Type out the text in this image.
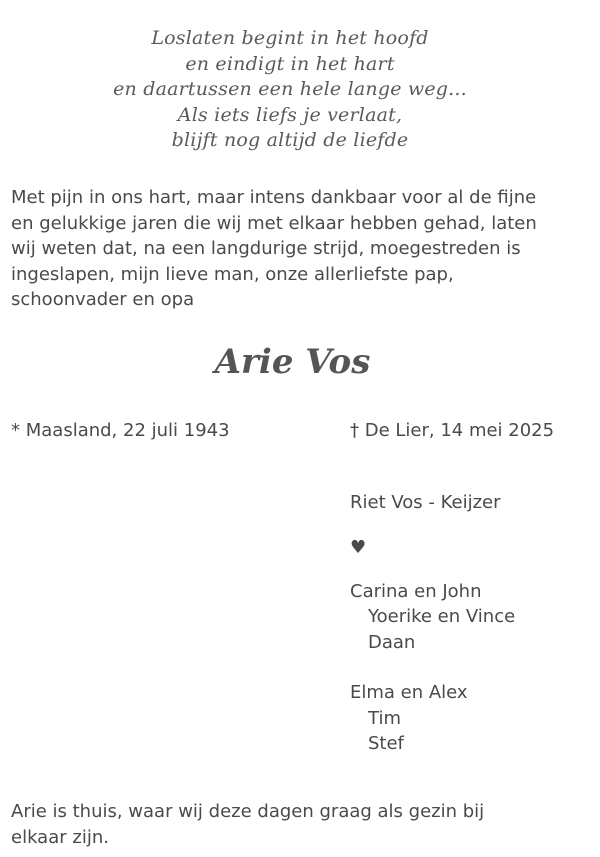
Loslaten begint in het hoofd
en eindigt in het hart
en daartussen een hele lange weg...
Als iets liefs je verlaat,
blijft nog altijd de liefde
Met pijn in ons hart, maar intens dankbaar voor al de fijne
en gelukkige jaren die wij met elkaar hebben gehad, laten
wij weten dat, na een langdurige strijd, moegestreden is
ingeslapen, mijn lieve man, onze allerliefste pap,
schoonvader en opa
Arie Vos
* Maasland, 22 juli 1943	† De Lier, 14 mei 2025
Riet Vos - Keijzer
♥
Carina en John
Yoerike en Vince
Daan
Elma en Alex
Tim
Stef
Arie is thuis, waar wij deze dagen graag als gezin bij
elkaar zijn.
